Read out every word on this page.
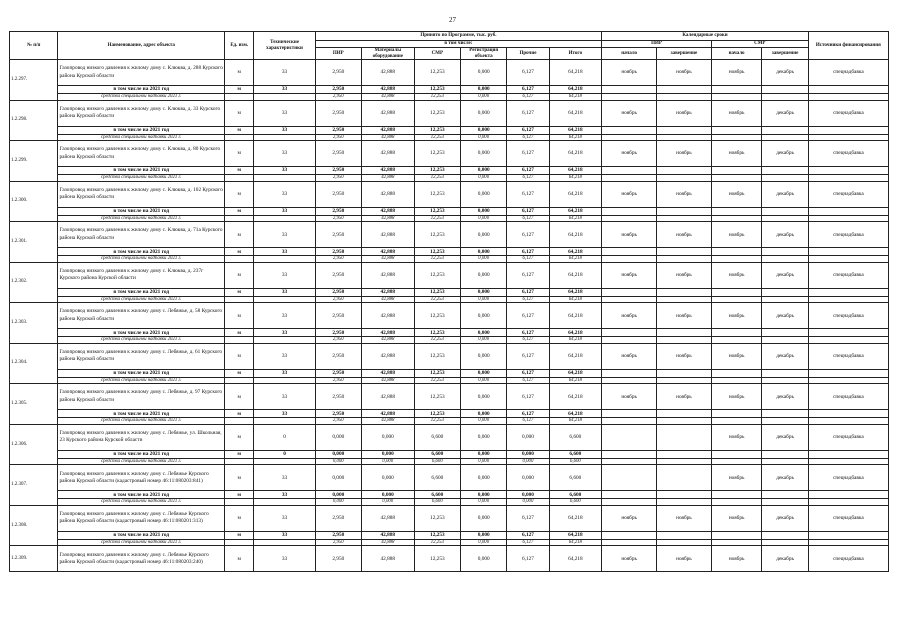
27
№ п/п	Наименование, адрес объекта	Ед. изм.	Технические характеристики	Принято по Программе, тыс. руб.						Календарные сроки				Источники финансирования
				в том числе:						ПИР		СМР		
				ПИР	Материалы оборудование	СМР	Регистрация объекта	Прочие	Итого	начало	завершение	начало	завершение	
1.2.297.	Газопровод низкого давления к жилому дому с. Клюква, д. 288 Курского района Курской области	м	33	2,950	42,888	12,253	0,000	6,127	64,218	ноябрь	ноябрь	ноябрь	декабрь	спецнадбавка
	в том числе на 2021 год	м	33	2,950	42,888	12,253	0,000	6,127	64,218					
	средства специальной надбавки 2021 г.			2,950	42,888	12,253	0,000	6,127	64,218					
1.2.298.	Газопровод низкого давления к жилому дому с. Клюква, д. 33 Курского района Курской области	м	33	2,950	42,888	12,253	0,000	6,127	64,218	ноябрь	ноябрь	ноябрь	декабрь	спецнадбавка
	в том числе на 2021 год	м	33	2,950	42,888	12,253	0,000	6,127	64,218					
	средства специальной надбавки 2021 г.			2,950	42,888	12,253	0,000	6,127	64,218					
1.2.299.	Газопровод низкого давления к жилому дому с. Клюква, д. 80 Курского района Курской области	м	33	2,950	42,888	12,253	0,000	6,127	64,218	ноябрь	ноябрь	ноябрь	декабрь	спецнадбавка
	в том числе на 2021 год	м	33	2,950	42,888	12,253	0,000	6,127	64,218					
	средства специальной надбавки 2021 г.			2,950	42,888	12,253	0,000	6,127	64,218					
1.2.300.	Газопровод низкого давления к жилому дому с. Клюква, д. 102 Курского района Курской области	м	33	2,950	42,888	12,253	0,000	6,127	64,218	ноябрь	ноябрь	ноябрь	декабрь	спецнадбавка
	в том числе на 2021 год	м	33	2,950	42,888	12,253	0,000	6,127	64,218					
	средства специальной надбавки 2021 г.			2,950	42,888	12,253	0,000	6,127	64,218					
1.2.301.	Газопровод низкого давления к жилому дому с. Клюква, д. 71а Курского района Курской области	м	33	2,950	42,888	12,253	0,000	6,127	64,218	ноябрь	ноябрь	ноябрь	декабрь	спецнадбавка
	в том числе на 2021 год	м	33	2,950	42,888	12,253	0,000	6,127	64,218					
	средства специальной надбавки 2021 г.			2,950	42,888	12,253	0,000	6,127	64,218					
1.2.302.	Газопровод низкого давления к жилому дому с. Клюква, д. 237г Курского района Курской области	м	33	2,950	42,888	12,253	0,000	6,127	64,218	ноябрь	ноябрь	ноябрь	декабрь	спецнадбавка
	в том числе на 2021 год	м	33	2,950	42,888	12,253	0,000	6,127	64,218					
	средства специальной надбавки 2021 г.			2,950	42,888	12,253	0,000	6,127	64,218					
1.2.303.	Газопровод низкого давления к жилому дому с. Лебяжье, д. 58 Курского района Курской области	м	33	2,950	42,888	12,253	0,000	6,127	64,218	ноябрь	ноябрь	ноябрь	декабрь	спецнадбавка
	в том числе на 2021 год	м	33	2,950	42,888	12,253	0,000	6,127	64,218					
	средства специальной надбавки 2021 г.			2,950	42,888	12,253	0,000	6,127	64,218					
1.2.304.	Газопровод низкого давления к жилому дому с. Лебяжье, д. 61 Курского района Курской области	м	33	2,950	42,888	12,253	0,000	6,127	64,218	ноябрь	ноябрь	ноябрь	декабрь	спецнадбавка
	в том числе на 2021 год	м	33	2,950	42,888	12,253	0,000	6,127	64,218					
	средства специальной надбавки 2021 г.			2,950	42,888	12,253	0,000	6,127	64,218					
1.2.305.	Газопровод низкого давления к жилому дому с. Лебяжье, д. 97 Курского района Курской области	м	33	2,950	42,888	12,253	0,000	6,127	64,218	ноябрь	ноябрь	ноябрь	декабрь	спецнадбавка
	в том числе на 2021 год	м	33	2,950	42,888	12,253	0,000	6,127	64,218					
	средства специальной надбавки 2021 г.			2,950	42,888	12,253	0,000	6,127	64,218					
1.2.306.	Газопровод низкого давления к жилому дому с. Лебяжье, ул. Школьная, 23 Курского района Курской области	м	0	0,000	0,000	6,600	0,000	0,000	6,600			ноябрь	декабрь	спецнадбавка
	в том числе на 2021 год	м	0	0,000	0,000	6,600	0,000	0,000	6,600					
	средства специальной надбавки 2021 г.			0,000	0,000	6,600	0,000	0,000	6,600					
1.2.307.	Газопровод низкого давления к жилому дому с. Лебяжье Курского района Курской области (кадастровый номер 46:11:080203:841)	м	33	0,000	0,000	6,600	0,000	0,000	6,600			ноябрь	декабрь	спецнадбавка
	в том числе на 2021 год	м	33	0,000	0,000	6,600	0,000	0,000	6,600					
	средства специальной надбавки 2021 г.			0,000	0,000	6,600	0,000	0,000	6,600					
1.2.308.	Газопровод низкого давления к жилому дому с. Лебяжье Курского района Курской области (кадастровый номер 46:11:080201:313)	м	33	2,950	42,888	12,253	0,000	6,127	64,218	ноябрь	ноябрь	ноябрь	декабрь	спецнадбавка
	в том числе на 2021 год	м	33	2,950	42,888	12,253	0,000	6,127	64,218					
	средства специальной надбавки 2021 г.			2,950	42,888	12,253	0,000	6,127	64,218					
1.2.309.	Газопровод низкого давления к жилому дому с. Лебяжье Курского района Курской области (кадастровый номер 46:11:080203:240)	м	33	2,950	42,888	12,253	0,000	6,127	64,218	ноябрь	ноябрь	ноябрь	декабрь	спецнадбавка
